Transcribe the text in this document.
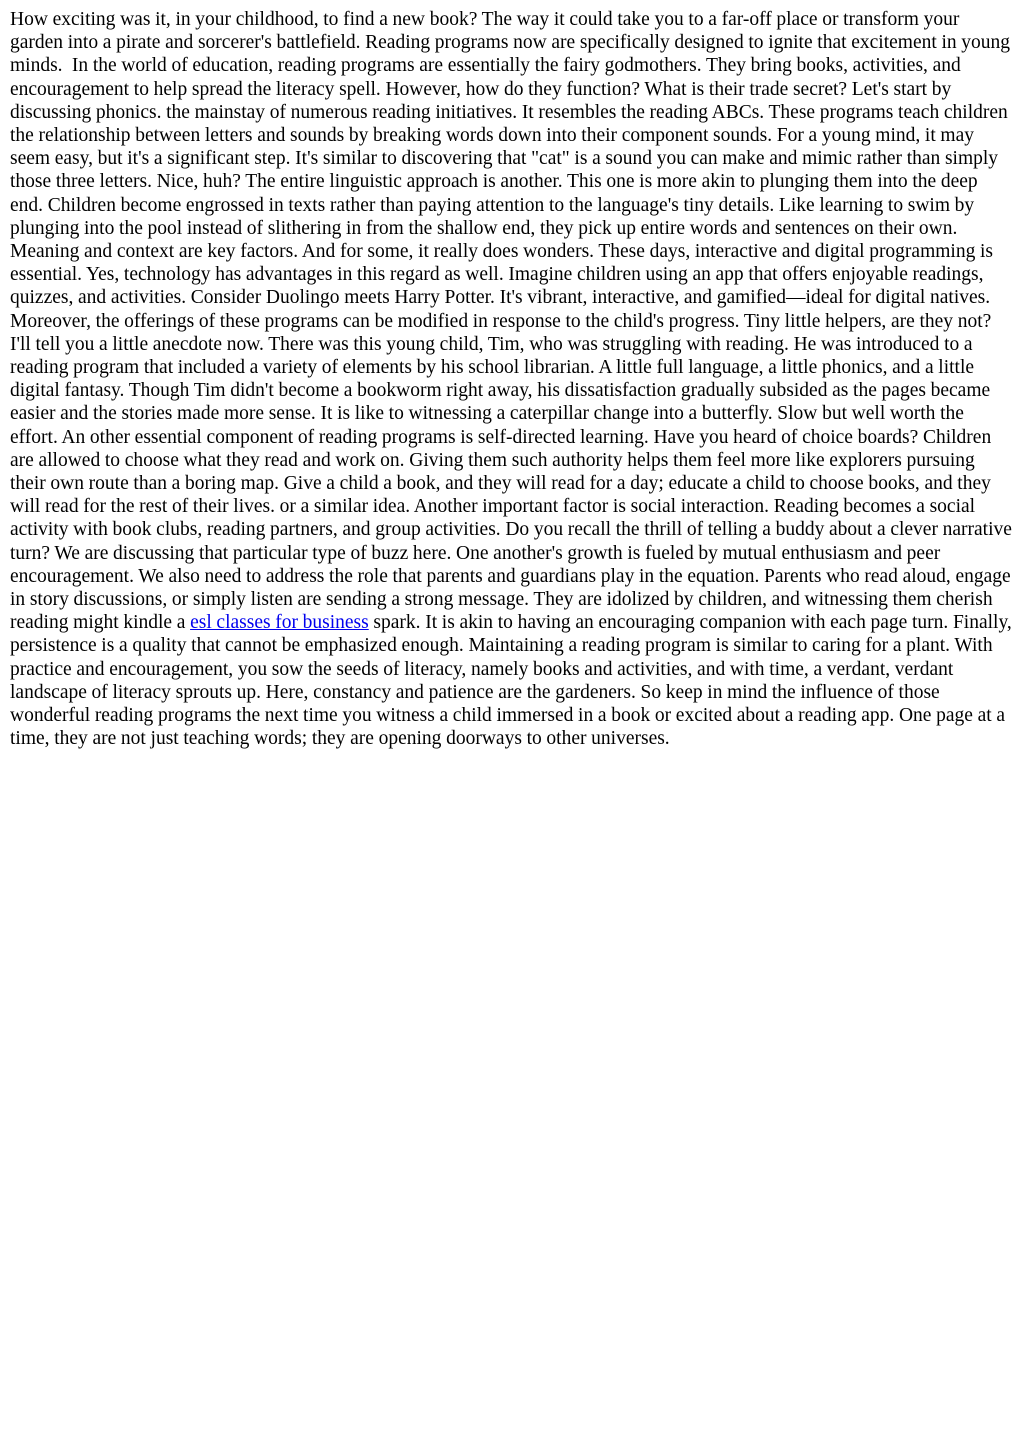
How exciting was it, in your childhood, to find a new book? The way it could take you to a far-off place or transform your garden into a pirate and sorcerer's battlefield. Reading programs now are specifically designed to ignite that excitement in young minds.  In the world of education, reading programs are essentially the fairy godmothers. They bring books, activities, and encouragement to help spread the literacy spell. However, how do they function? What is their trade secret? Let's start by discussing phonics. the mainstay of numerous reading initiatives. It resembles the reading ABCs. These programs teach children the relationship between letters and sounds by breaking words down into their component sounds. For a young mind, it may seem easy, but it's a significant step. It's similar to discovering that "cat" is a sound you can make and mimic rather than simply those three letters. Nice, huh? The entire linguistic approach is another. This one is more akin to plunging them into the deep end. Children become engrossed in texts rather than paying attention to the language's tiny details. Like learning to swim by plunging into the pool instead of slithering in from the shallow end, they pick up entire words and sentences on their own. Meaning and context are key factors. And for some, it really does wonders. These days, interactive and digital programming is essential. Yes, technology has advantages in this regard as well. Imagine children using an app that offers enjoyable readings, quizzes, and activities. Consider Duolingo meets Harry Potter. It's vibrant, interactive, and gamified—ideal for digital natives. Moreover, the offerings of these programs can be modified in response to the child's progress. Tiny little helpers, are they not? I'll tell you a little anecdote now. There was this young child, Tim, who was struggling with reading. He was introduced to a reading program that included a variety of elements by his school librarian. A little full language, a little phonics, and a little digital fantasy. Though Tim didn't become a bookworm right away, his dissatisfaction gradually subsided as the pages became easier and the stories made more sense. It is like to witnessing a caterpillar change into a butterfly. Slow but well worth the effort. An other essential component of reading programs is self-directed learning. Have you heard of choice boards? Children are allowed to choose what they read and work on. Giving them such authority helps them feel more like explorers pursuing their own route than a boring map. Give a child a book, and they will read for a day; educate a child to choose books, and they will read for the rest of their lives. or a similar idea. Another important factor is social interaction. Reading becomes a social activity with book clubs, reading partners, and group activities. Do you recall the thrill of telling a buddy about a clever narrative turn? We are discussing that particular type of buzz here. One another's growth is fueled by mutual enthusiasm and peer encouragement. We also need to address the role that parents and guardians play in the equation. Parents who read aloud, engage in story discussions, or simply listen are sending a strong message. They are idolized by children, and witnessing them cherish reading might kindle a esl classes for business spark. It is akin to having an encouraging companion with each page turn. Finally, persistence is a quality that cannot be emphasized enough. Maintaining a reading program is similar to caring for a plant. With practice and encouragement, you sow the seeds of literacy, namely books and activities, and with time, a verdant, verdant landscape of literacy sprouts up. Here, constancy and patience are the gardeners. So keep in mind the influence of those wonderful reading programs the next time you witness a child immersed in a book or excited about a reading app. One page at a time, they are not just teaching words; they are opening doorways to other universes.
